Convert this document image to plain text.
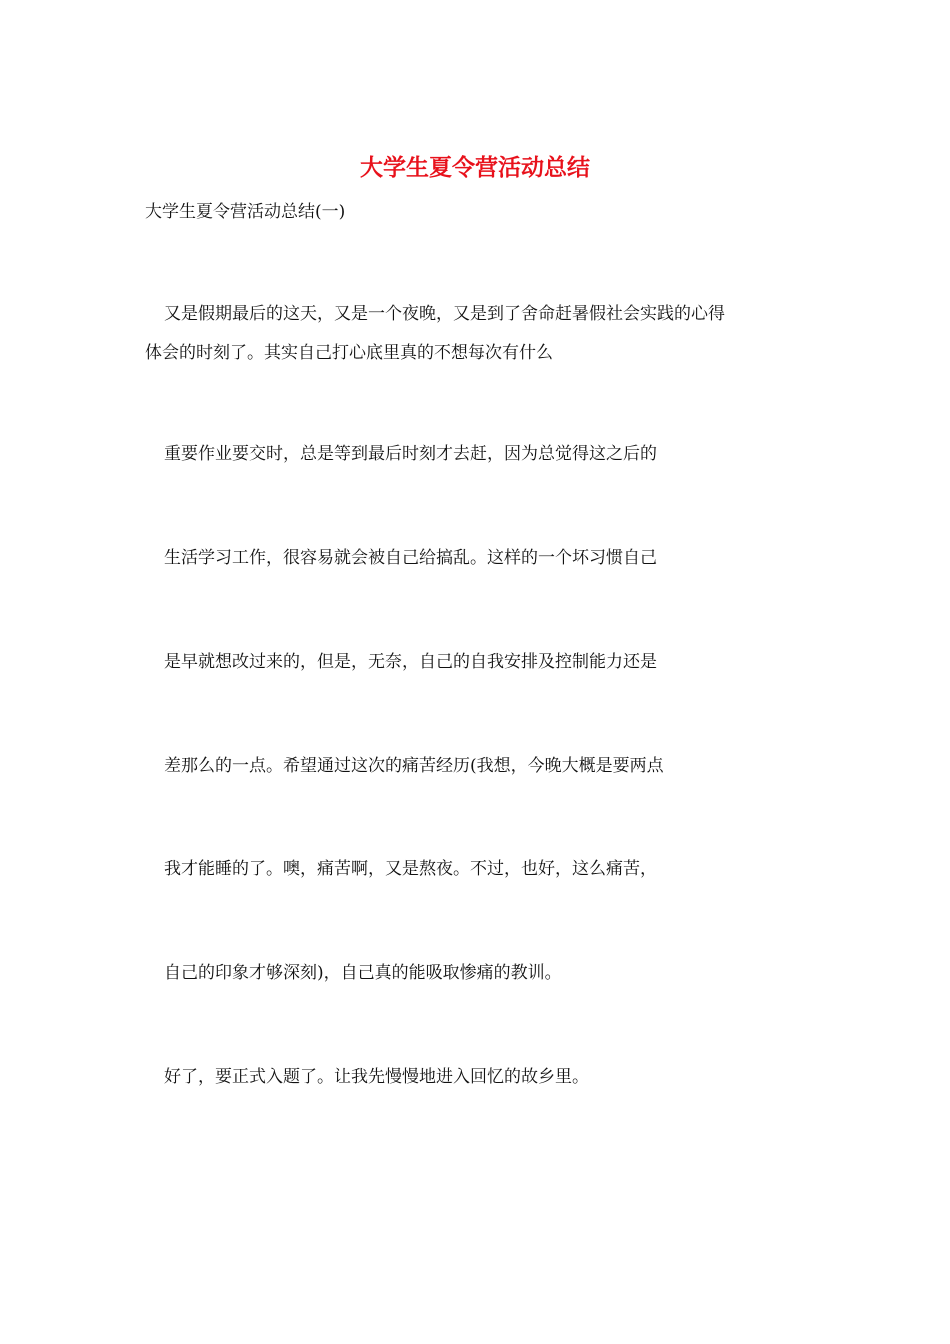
大学生夏令营活动总结
大学生夏令营活动总结(一)
又是假期最后的这天，又是一个夜晚，又是到了舍命赶暑假社会实践的心得
体会的时刻了。其实自己打心底里真的不想每次有什么
重要作业要交时，总是等到最后时刻才去赶，因为总觉得这之后的
生活学习工作，很容易就会被自己给搞乱。这样的一个坏习惯自己
是早就想改过来的，但是，无奈，自己的自我安排及控制能力还是
差那么的一点。希望通过这次的痛苦经历(我想，今晚大概是要两点
我才能睡的了。噢，痛苦啊，又是熬夜。不过，也好，这么痛苦，
自己的印象才够深刻)，自己真的能吸取惨痛的教训。
好了，要正式入题了。让我先慢慢地进入回忆的故乡里。
